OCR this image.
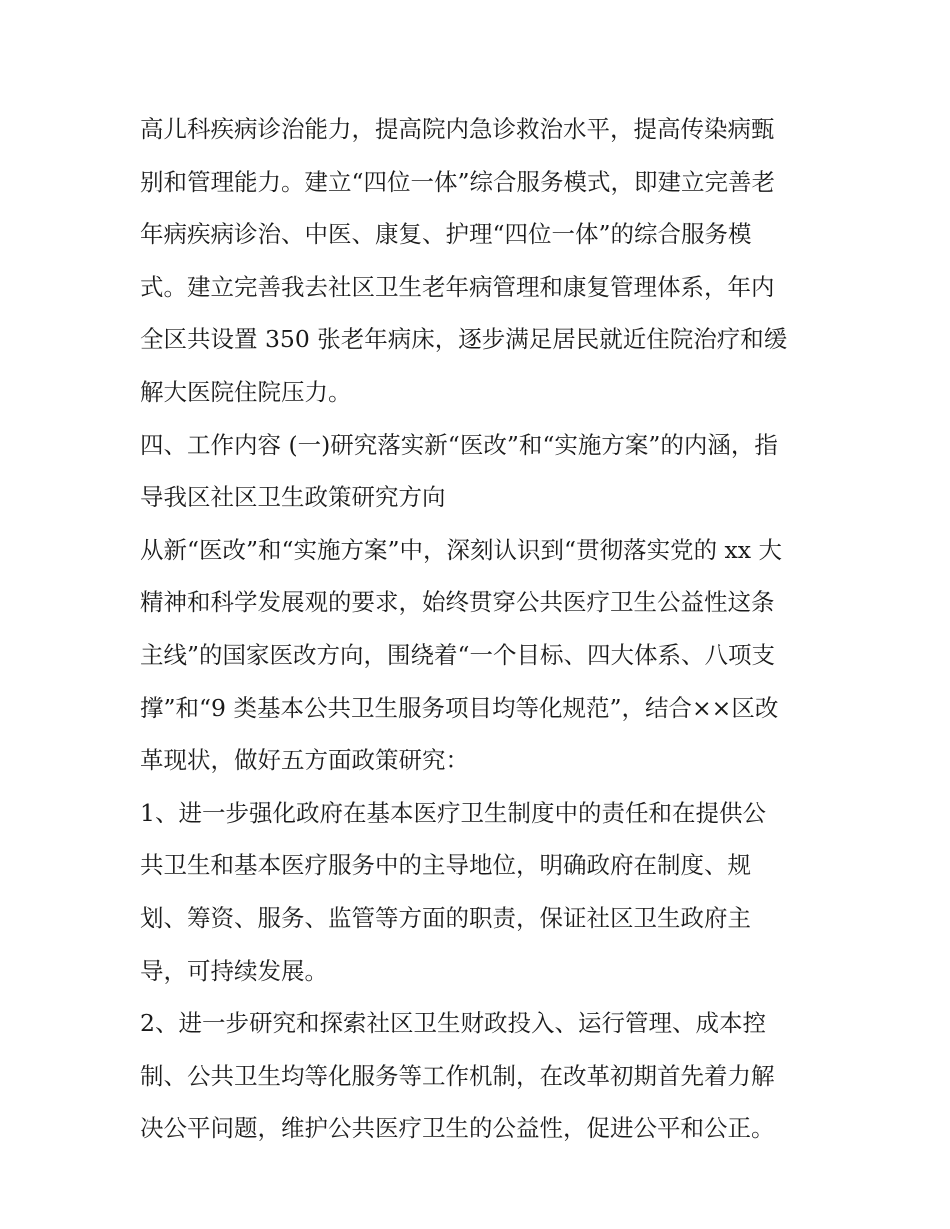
高儿科疾病诊治能力，提高院内急诊救治水平，提高传染病甄
别和管理能力。建立“四位一体”综合服务模式，即建立完善老
年病疾病诊治、中医、康复、护理“四位一体”的综合服务模
式。建立完善我去社区卫生老年病管理和康复管理体系，年内
全区共设置 350 张老年病床，逐步满足居民就近住院治疗和缓
解大医院住院压力。
四、工作内容 (一)研究落实新“医改”和“实施方案”的内涵，指
导我区社区卫生政策研究方向
从新“医改”和“实施方案”中，深刻认识到“贯彻落实党的 xx 大
精神和科学发展观的要求，始终贯穿公共医疗卫生公益性这条
主线”的国家医改方向，围绕着“一个目标、四大体系、八项支
撑”和“9 类基本公共卫生服务项目均等化规范”，结合××区改
革现状，做好五方面政策研究：
1、进一步强化政府在基本医疗卫生制度中的责任和在提供公
共卫生和基本医疗服务中的主导地位，明确政府在制度、规
划、筹资、服务、监管等方面的职责，保证社区卫生政府主
导，可持续发展。
2、进一步研究和探索社区卫生财政投入、运行管理、成本控
制、公共卫生均等化服务等工作机制，在改革初期首先着力解
决公平问题，维护公共医疗卫生的公益性，促进公平和公正。
